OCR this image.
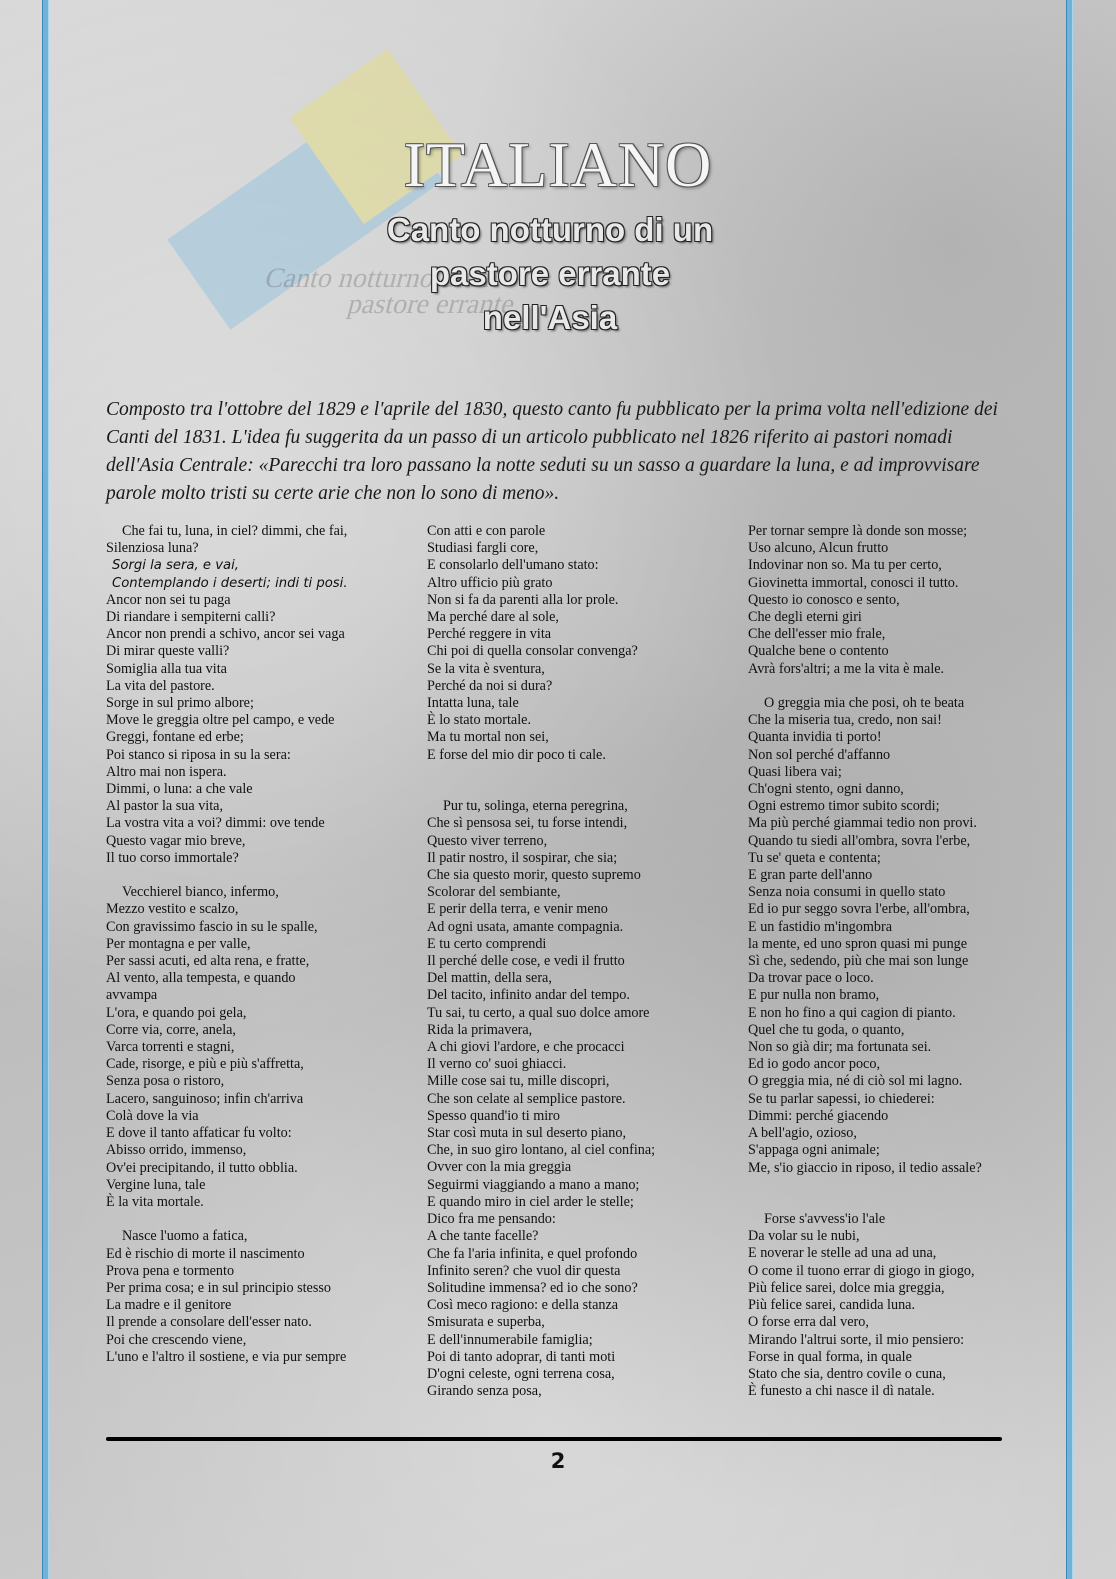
ITALIANO
Canto notturno di un
pastore errante
Canto notturno di un
pastore errante
nell'Asia
Composto tra l'ottobre del 1829 e l'aprile del 1830, questo canto fu pubblicato per la prima volta nell'edizione dei Canti del 1831. L'idea fu suggerita da un passo di un articolo pubblicato nel 1826 riferito ai pastori nomadi dell'Asia Centrale: «Parecchi tra loro passano la notte seduti su un sasso a guardare la luna, e ad improvvisare parole molto tristi su certe arie che non lo sono di meno».
Che fai tu, luna, in ciel? dimmi, che fai,
Silenziosa luna?
Sorgi la sera, e vai,
Contemplando i deserti; indi ti posi.
Ancor non sei tu paga
Di riandare i sempiterni calli?
Ancor non prendi a schivo, ancor sei vaga
Di mirar queste valli?
Somiglia alla tua vita
La vita del pastore.
Sorge in sul primo albore;
Move le greggia oltre pel campo, e vede
Greggi, fontane ed erbe;
Poi stanco si riposa in su la sera:
Altro mai non ispera.
Dimmi, o luna: a che vale
Al pastor la sua vita,
La vostra vita a voi? dimmi: ove tende
Questo vagar mio breve,
Il tuo corso immortale?
Vecchierel bianco, infermo,
Mezzo vestito e scalzo,
Con gravissimo fascio in su le spalle,
Per montagna e per valle,
Per sassi acuti, ed alta rena, e fratte,
Al vento, alla tempesta, e quando
avvampa
L'ora, e quando poi gela,
Corre via, corre, anela,
Varca torrenti e stagni,
Cade, risorge, e più e più s'affretta,
Senza posa o ristoro,
Lacero, sanguinoso; infin ch'arriva
Colà dove la via
E dove il tanto affaticar fu volto:
Abisso orrido, immenso,
Ov'ei precipitando, il tutto obblia.
Vergine luna, tale
È la vita mortale.
Nasce l'uomo a fatica,
Ed è rischio di morte il nascimento
Prova pena e tormento
Per prima cosa; e in sul principio stesso
La madre e il genitore
Il prende a consolare dell'esser nato.
Poi che crescendo viene,
L'uno e l'altro il sostiene, e via pur sempre
Con atti e con parole
Studiasi fargli core,
E consolarlo dell'umano stato:
Altro ufficio più grato
Non si fa da parenti alla lor prole.
Ma perché dare al sole,
Perché reggere in vita
Chi poi di quella consolar convenga?
Se la vita è sventura,
Perché da noi si dura?
Intatta luna, tale
È lo stato mortale.
Ma tu mortal non sei,
E forse del mio dir poco ti cale.
Pur tu, solinga, eterna peregrina,
Che sì pensosa sei, tu forse intendi,
Questo viver terreno,
Il patir nostro, il sospirar, che sia;
Che sia questo morir, questo supremo
Scolorar del sembiante,
E perir della terra, e venir meno
Ad ogni usata, amante compagnia.
E tu certo comprendi
Il perché delle cose, e vedi il frutto
Del mattin, della sera,
Del tacito, infinito andar del tempo.
Tu sai, tu certo, a qual suo dolce amore
Rida la primavera,
A chi giovi l'ardore, e che procacci
Il verno co' suoi ghiacci.
Mille cose sai tu, mille discopri,
Che son celate al semplice pastore.
Spesso quand'io ti miro
Star così muta in sul deserto piano,
Che, in suo giro lontano, al ciel confina;
Ovver con la mia greggia
Seguirmi viaggiando a mano a mano;
E quando miro in ciel arder le stelle;
Dico fra me pensando:
A che tante facelle?
Che fa l'aria infinita, e quel profondo
Infinito seren? che vuol dir questa
Solitudine immensa? ed io che sono?
Così meco ragiono: e della stanza
Smisurata e superba,
E dell'innumerabile famiglia;
Poi di tanto adoprar, di tanti moti
D'ogni celeste, ogni terrena cosa,
Girando senza posa,
Per tornar sempre là donde son mosse;
Uso alcuno, Alcun frutto
Indovinar non so. Ma tu per certo,
Giovinetta immortal, conosci il tutto.
Questo io conosco e sento,
Che degli eterni giri
Che dell'esser mio frale,
Qualche bene o contento
Avrà fors'altri; a me la vita è male.
O greggia mia che posi, oh te beata
Che la miseria tua, credo, non sai!
Quanta invidia ti porto!
Non sol perché d'affanno
Quasi libera vai;
Ch'ogni stento, ogni danno,
Ogni estremo timor subito scordi;
Ma più perché giammai tedio non provi.
Quando tu siedi all'ombra, sovra l'erbe,
Tu se' queta e contenta;
E gran parte dell'anno
Senza noia consumi in quello stato
Ed io pur seggo sovra l'erbe, all'ombra,
E un fastidio m'ingombra
la mente, ed uno spron quasi mi punge
Sì che, sedendo, più che mai son lunge
Da trovar pace o loco.
E pur nulla non bramo,
E non ho fino a qui cagion di pianto.
Quel che tu goda, o quanto,
Non so già dir; ma fortunata sei.
Ed io godo ancor poco,
O greggia mia, né di ciò sol mi lagno.
Se tu parlar sapessi, io chiederei:
Dimmi: perché giacendo
A bell'agio, ozioso,
S'appaga ogni animale;
Me, s'io giaccio in riposo, il tedio assale?
Forse s'avvess'io l'ale
Da volar su le nubi,
E noverar le stelle ad una ad una,
O come il tuono errar di giogo in giogo,
Più felice sarei, dolce mia greggia,
Più felice sarei, candida luna.
O forse erra dal vero,
Mirando l'altrui sorte, il mio pensiero:
Forse in qual forma, in quale
Stato che sia, dentro covile o cuna,
È funesto a chi nasce il dì natale.
2
